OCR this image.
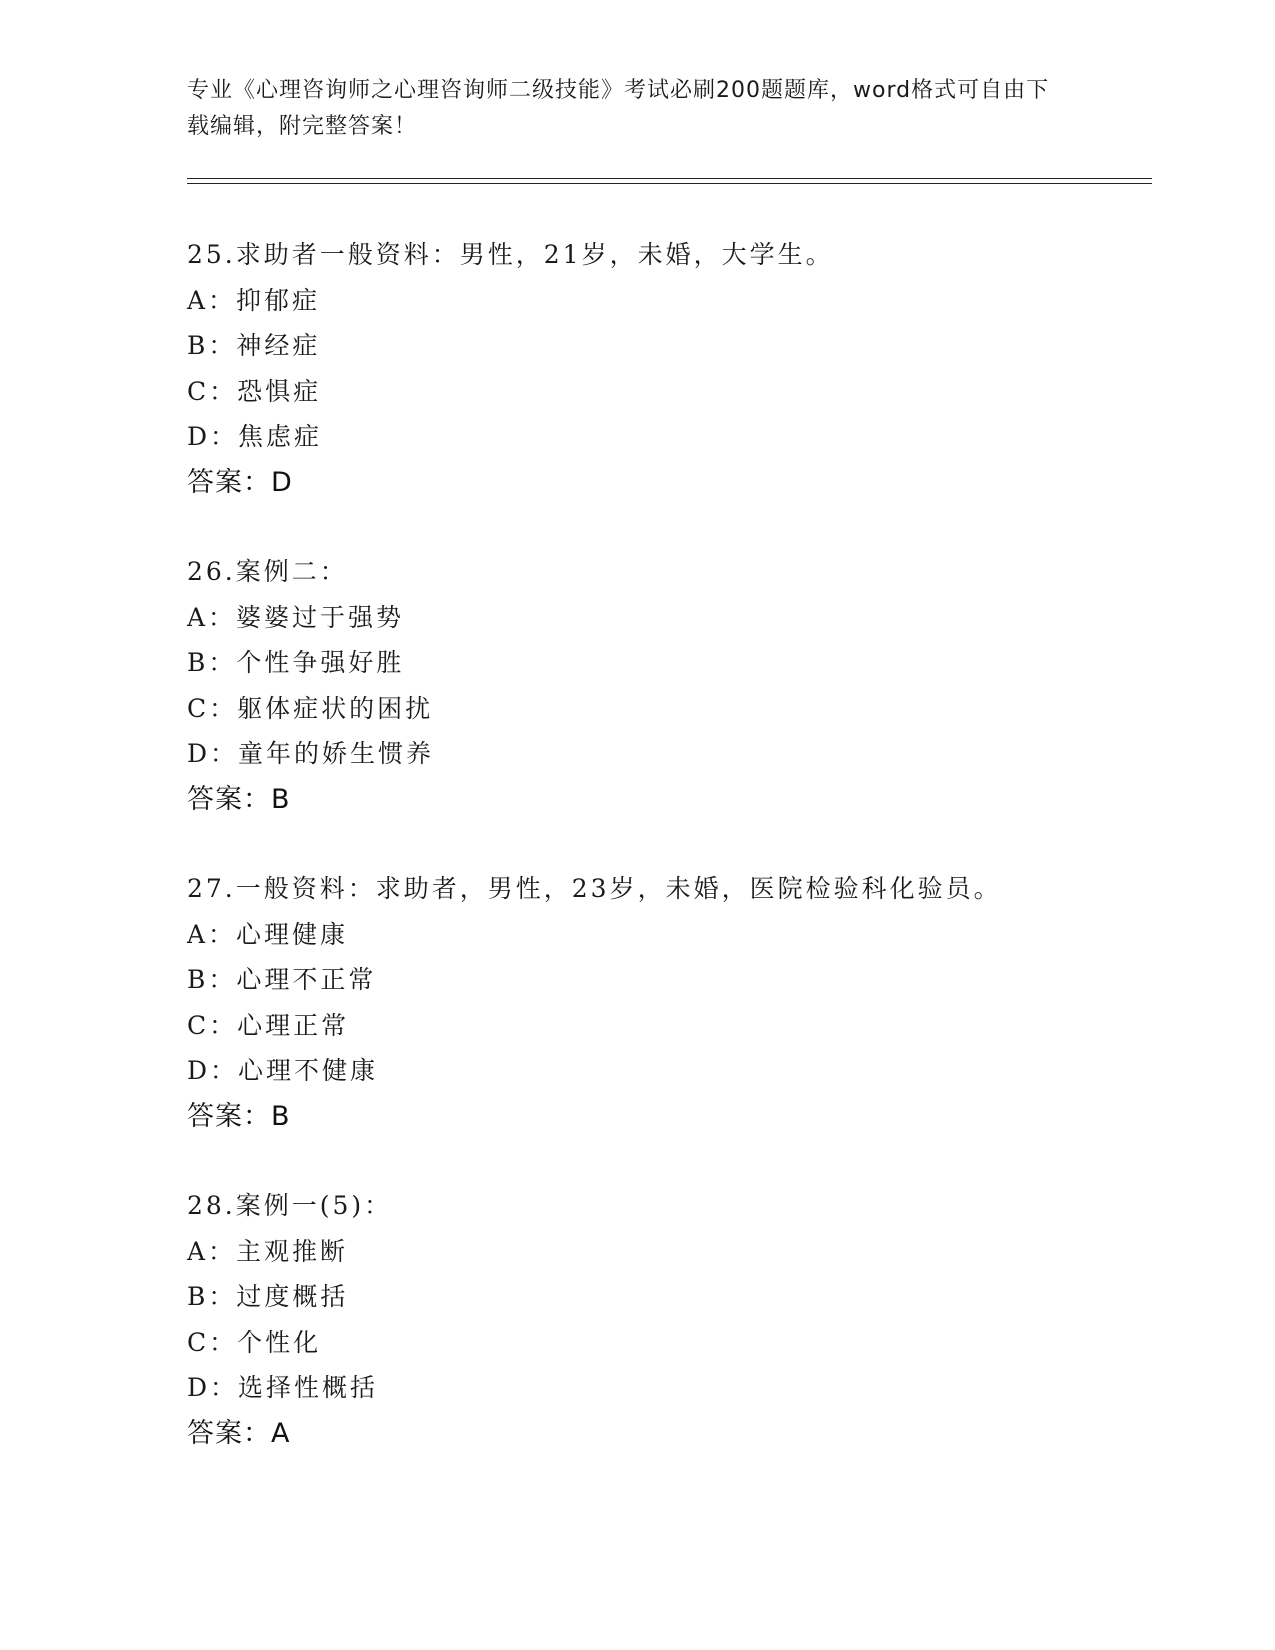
专业《心理咨询师之心理咨询师二级技能》考试必刷200题题库，word格式可自由下载编辑，附完整答案！
25.求助者一般资料：男性，21岁，未婚，大学生。
A：抑郁症
B：神经症
C：恐惧症
D：焦虑症
答案：D
26.案例二：
A：婆婆过于强势
B：个性争强好胜
C：躯体症状的困扰
D：童年的娇生惯养
答案：B
27.一般资料：求助者，男性，23岁，未婚，医院检验科化验员。
A：心理健康
B：心理不正常
C：心理正常
D：心理不健康
答案：B
28.案例一(5)：
A：主观推断
B：过度概括
C：个性化
D：选择性概括
答案：A
